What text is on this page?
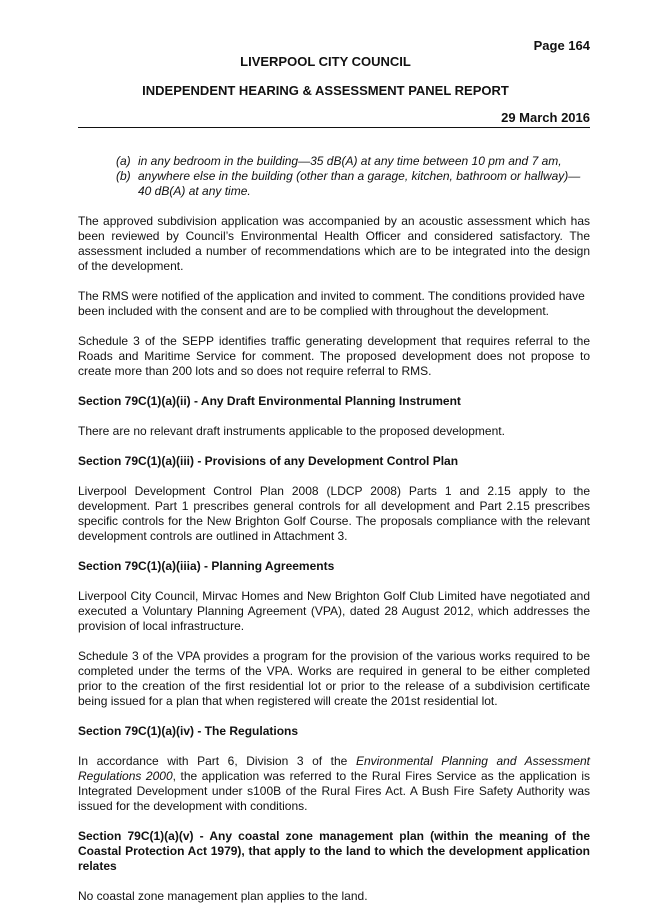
Page 164
LIVERPOOL CITY COUNCIL
INDEPENDENT HEARING & ASSESSMENT PANEL REPORT
29 March 2016
(a) in any bedroom in the building—35 dB(A) at any time between 10 pm and 7 am,
(b) anywhere else in the building (other than a garage, kitchen, bathroom or hallway)—40 dB(A) at any time.

The approved subdivision application was accompanied by an acoustic assessment which has been reviewed by Council’s Environmental Health Officer and considered satisfactory. The assessment included a number of recommendations which are to be integrated into the design of the development.

The RMS were notified of the application and invited to comment. The conditions provided have been included with the consent and are to be complied with throughout the development.

Schedule 3 of the SEPP identifies traffic generating development that requires referral to the Roads and Maritime Service for comment. The proposed development does not propose to create more than 200 lots and so does not require referral to RMS.

Section 79C(1)(a)(ii) - Any Draft Environmental Planning Instrument

There are no relevant draft instruments applicable to the proposed development.

Section 79C(1)(a)(iii) - Provisions of any Development Control Plan

Liverpool Development Control Plan 2008 (LDCP 2008) Parts 1 and 2.15 apply to the development. Part 1 prescribes general controls for all development and Part 2.15 prescribes specific controls for the New Brighton Golf Course. The proposals compliance with the relevant development controls are outlined in Attachment 3.

Section 79C(1)(a)(iiia) - Planning Agreements

Liverpool City Council, Mirvac Homes and New Brighton Golf Club Limited have negotiated and executed a Voluntary Planning Agreement (VPA), dated 28 August 2012, which addresses the provision of local infrastructure.

Schedule 3 of the VPA provides a program for the provision of the various works required to be completed under the terms of the VPA. Works are required in general to be either completed prior to the creation of the first residential lot or prior to the release of a subdivision certificate being issued for a plan that when registered will create the 201st residential lot.

Section 79C(1)(a)(iv) - The Regulations

In accordance with Part 6, Division 3 of the Environmental Planning and Assessment Regulations 2000, the application was referred to the Rural Fires Service as the application is Integrated Development under s100B of the Rural Fires Act. A Bush Fire Safety Authority was issued for the development with conditions.

Section 79C(1)(a)(v) - Any coastal zone management plan (within the meaning of the Coastal Protection Act 1979), that apply to the land to which the development application relates

No coastal zone management plan applies to the land.
